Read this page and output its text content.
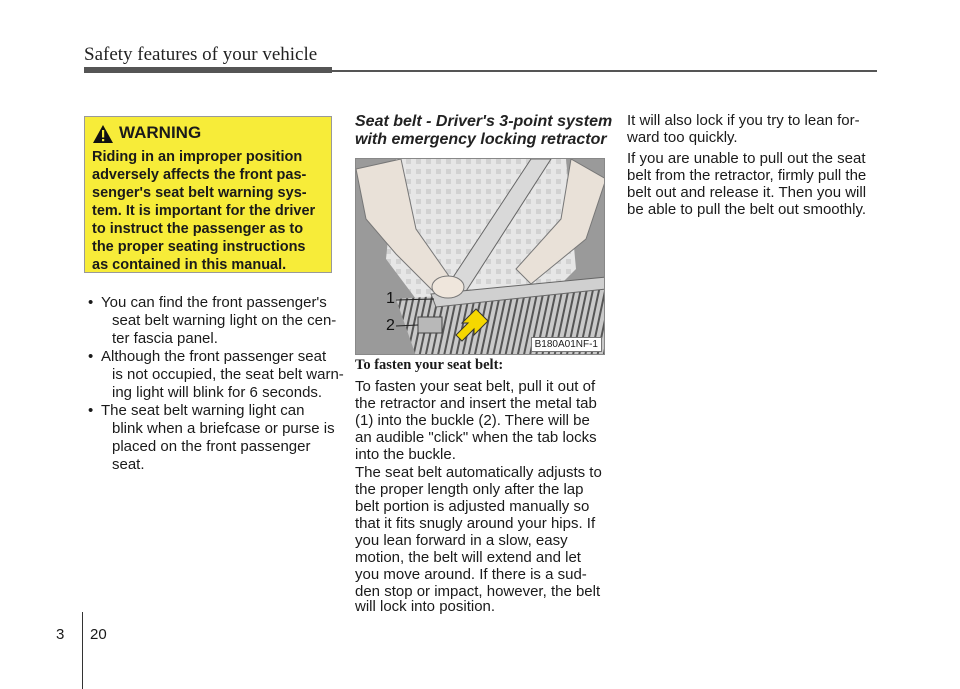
Safety features of your vehicle
WARNING
Riding in an improper position
adversely affects the front pas-
senger's seat belt warning sys-
tem. It is important for the driver
to instruct the passenger as to
the proper seating instructions
as contained in this manual.
• You can find the front passenger's
seat belt warning light on the cen-
ter fascia panel.
• Although the front passenger seat
is not occupied, the seat belt warn-
ing light will blink for 6 seconds.
• The seat belt warning light can
blink when a briefcase or purse is
placed on the front passenger
seat.
Seat belt - Driver's 3-point system
with emergency locking retractor
1
2
B180A01NF-1
To fasten your seat belt:
To fasten your seat belt, pull it out of
the retractor and insert the metal tab
(1) into the buckle (2). There will be
an audible "click" when the tab locks
into the buckle.
The seat belt automatically adjusts to
the proper length only after the lap
belt portion is adjusted manually so
that it fits snugly around your hips. If
you lean forward in a slow, easy
motion, the belt will extend and let
you move around. If there is a sud-
den stop or impact, however, the belt
will lock into position.
It will also lock if you try to lean for-
ward too quickly.
If you are unable to pull out the seat
belt from the retractor, firmly pull the
belt out and release it. Then you will
be able to pull the belt out smoothly.
3 20
